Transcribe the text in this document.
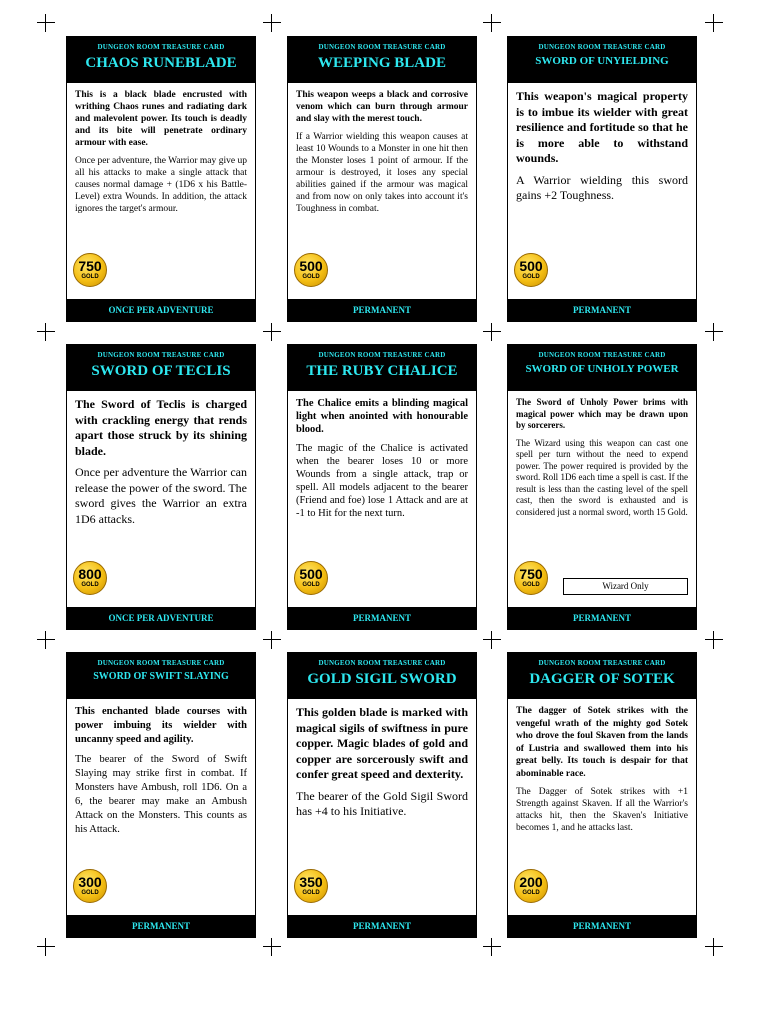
DUNGEON ROOM TREASURE CARD
CHAOS RUNEBLADE

This is a black blade encrusted with writhing Chaos runes and radiating dark and malevolent power. Its touch is deadly and its bite will penetrate ordinary armour with ease.

Once per adventure, the Warrior may give up all his attacks to make a single attack that causes normal damage + (1D6 x his Battle-Level) extra Wounds. In addition, the attack ignores the target's armour.

750
GOLD
ONCE PER ADVENTURE
DUNGEON ROOM TREASURE CARD
WEEPING BLADE

This weapon weeps a black and corrosive venom which can burn through armour and slay with the merest touch.

If a Warrior wielding this weapon causes at least 10 Wounds to a Monster in one hit then the Monster loses 1 point of armour. If the armour is destroyed, it loses any special abilities gained if the armour was magical and from now on only takes into account it's Toughness in combat.

500
GOLD
PERMANENT
DUNGEON ROOM TREASURE CARD
SWORD OF UNYIELDING

This weapon's magical property is to imbue its wielder with great resilience and fortitude so that he is more able to withstand wounds.

A Warrior wielding this sword gains +2 Toughness.

500
GOLD
PERMANENT
DUNGEON ROOM TREASURE CARD
SWORD OF TECLIS

The Sword of Teclis is charged with crackling energy that rends apart those struck by its shining blade.

Once per adventure the Warrior can release the power of the sword. The sword gives the Warrior an extra 1D6 attacks.

800
GOLD
ONCE PER ADVENTURE
DUNGEON ROOM TREASURE CARD
THE RUBY CHALICE

The Chalice emits a blinding magical light when anointed with honourable blood.

The magic of the Chalice is activated when the bearer loses 10 or more Wounds from a single attack, trap or spell. All models adjacent to the bearer (Friend and foe) lose 1 Attack and are at -1 to Hit for the next turn.

500
GOLD
PERMANENT
DUNGEON ROOM TREASURE CARD
SWORD OF UNHOLY POWER

The Sword of Unholy Power brims with magical power which may be drawn upon by sorcerers.

The Wizard using this weapon can cast one spell per turn without the need to expend power. The power required is provided by the sword. Roll 1D6 each time a spell is cast. If the result is less than the casting level of the spell cast, then the sword is exhausted and is considered just a normal sword, worth 15 Gold.

Wizard Only
750
GOLD
PERMANENT
DUNGEON ROOM TREASURE CARD
SWORD OF SWIFT SLAYING

This enchanted blade courses with power imbuing its wielder with uncanny speed and agility.

The bearer of the Sword of Swift Slaying may strike first in combat. If Monsters have Ambush, roll 1D6. On a 6, the bearer may make an Ambush Attack on the Monsters. This counts as his Attack.

300
GOLD
PERMANENT
DUNGEON ROOM TREASURE CARD
GOLD SIGIL SWORD

This golden blade is marked with magical sigils of swiftness in pure copper. Magic blades of gold and copper are sorcerously swift and confer great speed and dexterity.

The bearer of the Gold Sigil Sword has +4 to his Initiative.

350
GOLD
PERMANENT
DUNGEON ROOM TREASURE CARD
DAGGER OF SOTEK

The dagger of Sotek strikes with the vengeful wrath of the mighty god Sotek who drove the foul Skaven from the lands of Lustria and swallowed them into his great belly. Its touch is despair for that abominable race.

The Dagger of Sotek strikes with +1 Strength against Skaven. If all the Warrior's attacks hit, then the Skaven's Initiative becomes 1, and he attacks last.

200
GOLD
PERMANENT
